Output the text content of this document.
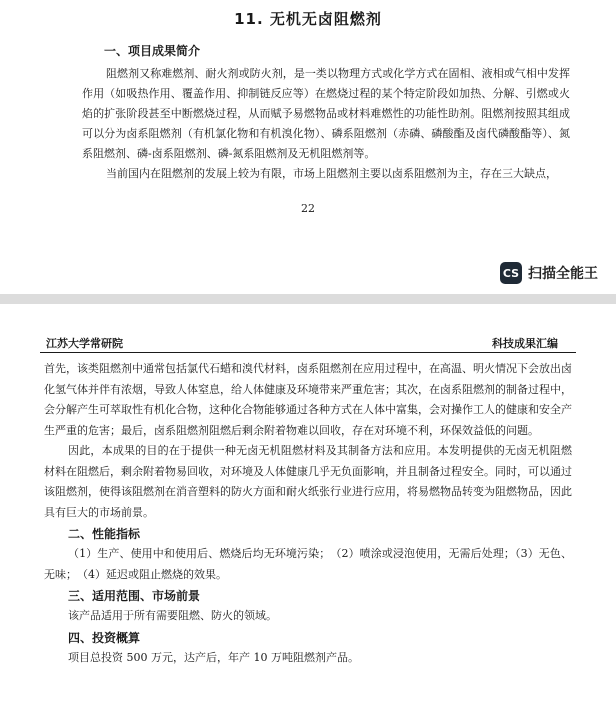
11. 无机无卤阻燃剂
一、项目成果简介
阻燃剂又称难燃剂、耐火剂或防火剂，是一类以物理方式或化学方式在固相、液相或气相中发挥作用（如吸热作用、覆盖作用、抑制链反应等）在燃烧过程的某个特定阶段如加热、分解、引燃或火焰的扩张阶段甚至中断燃烧过程，从而赋予易燃物品或材料难燃性的功能性助剂。阻燃剂按照其组成可以分为卤系阻燃剂（有机氯化物和有机溴化物）、磷系阻燃剂（赤磷、磷酸酯及卤代磷酸酯等）、氮系阻燃剂、磷-卤系阻燃剂、磷-氮系阻燃剂及无机阻燃剂等。
当前国内在阻燃剂的发展上较为有限，市场上阻燃剂主要以卤系阻燃剂为主，存在三大缺点，
22
CS 扫描全能王
江苏大学常研院	科技成果汇编
首先，该类阻燃剂中通常包括氯代石蜡和溴代材料，卤系阻燃剂在应用过程中，在高温、明火情况下会放出卤化氢气体并伴有浓烟，导致人体窒息，给人体健康及环境带来严重危害；其次，在卤系阻燃剂的制备过程中，会分解产生可萃取性有机化合物，这种化合物能够通过各种方式在人体中富集，会对操作工人的健康和安全产生严重的危害；最后，卤系阻燃剂阻燃后剩余附着物难以回收，存在对环境不利，环保效益低的问题。
因此，本成果的目的在于提供一种无卤无机阻燃材料及其制备方法和应用。本发明提供的无卤无机阻燃材料在阻燃后，剩余附着物易回收，对环境及人体健康几乎无负面影响，并且制备过程安全。同时，可以通过该阻燃剂，使得该阻燃剂在消音塑料的防火方面和耐火纸张行业进行应用，将易燃物品转变为阻燃物品，因此具有巨大的市场前景。
二、性能指标
（1）生产、使用中和使用后、燃烧后均无环境污染；　（2）喷涂或浸泡使用，无需后处理；（3）无色、无味；　（4）延迟或阻止燃烧的效果。
三、适用范围、市场前景
该产品适用于所有需要阻燃、防火的领域。
四、投资概算
项目总投资 500 万元，达产后，年产 10 万吨阻燃剂产品。
